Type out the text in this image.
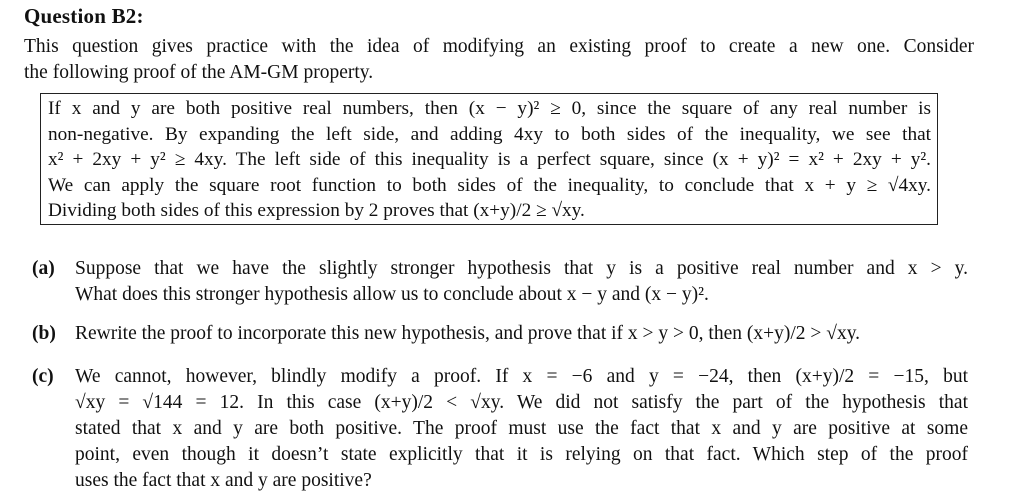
Question B2:
This question gives practice with the idea of modifying an existing proof to create a new one. Consider
the following proof of the AM-GM property.
If x and y are both positive real numbers, then (x − y)² ≥ 0, since the square of any real number is
non-negative. By expanding the left side, and adding 4xy to both sides of the inequality, we see that
x² + 2xy + y² ≥ 4xy. The left side of this inequality is a perfect square, since (x + y)² = x² + 2xy + y².
We can apply the square root function to both sides of the inequality, to conclude that x + y ≥ √4xy.
Dividing both sides of this expression by 2 proves that (x+y)/2 ≥ √xy.
(a) Suppose that we have the slightly stronger hypothesis that y is a positive real number and x > y.
What does this stronger hypothesis allow us to conclude about x − y and (x − y)².
(b) Rewrite the proof to incorporate this new hypothesis, and prove that if x > y > 0, then (x+y)/2 > √xy.
(c) We cannot, however, blindly modify a proof. If x = −6 and y = −24, then (x+y)/2 = −15, but
√xy = √144 = 12. In this case (x+y)/2 < √xy. We did not satisfy the part of the hypothesis that
stated that x and y are both positive. The proof must use the fact that x and y are positive at some
point, even though it doesn’t state explicitly that it is relying on that fact. Which step of the proof
uses the fact that x and y are positive?
